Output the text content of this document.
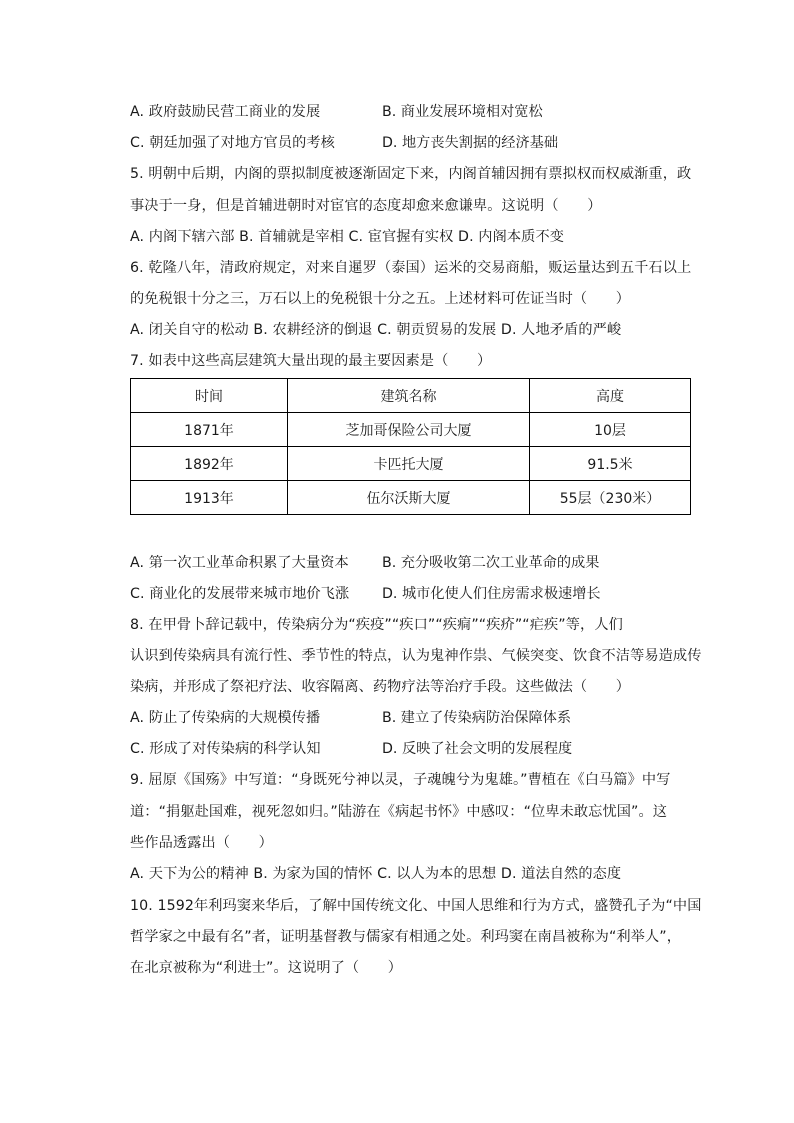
A. 政府鼓励民营工商业的发展	B. 商业发展环境相对宽松
C. 朝廷加强了对地方官员的考核	D. 地方丧失割据的经济基础
5. 明朝中后期，内阁的票拟制度被逐渐固定下来，内阁首辅因拥有票拟权而权威渐重，政
事决于一身，但是首辅进朝时对宦官的态度却愈来愈谦卑。这说明（　　）
A. 内阁下辖六部 B. 首辅就是宰相 C. 宦官握有实权 D. 内阁本质不变
6. 乾隆八年，清政府规定，对来自暹罗（泰国）运米的交易商船，贩运量达到五千石以上
的免税银十分之三，万石以上的免税银十分之五。上述材料可佐证当时（　　）
A. 闭关自守的松动 B. 农耕经济的倒退 C. 朝贡贸易的发展 D. 人地矛盾的严峻
7. 如表中这些高层建筑大量出现的最主要因素是（　　）
时间	建筑名称	高度
1871年	芝加哥保险公司大厦	10层
1892年	卡匹托大厦	91.5米
1913年	伍尔沃斯大厦	55层（230米）
A. 第一次工业革命积累了大量资本 B. 充分吸收第二次工业革命的成果
C. 商业化的发展带来城市地价飞涨 D. 城市化使人们住房需求极速增长
8. 在甲骨卜辞记载中，传染病分为“疾疫”“疾口”“疾痌”“疾疥”“疟疾”等，人们
认识到传染病具有流行性、季节性的特点，认为鬼神作祟、气候突变、饮食不洁等易造成传
染病，并形成了祭祀疗法、收容隔离、药物疗法等治疗手段。这些做法（　　）
A. 防止了传染病的大规模传播	B. 建立了传染病防治保障体系
C. 形成了对传染病的科学认知	D. 反映了社会文明的发展程度
9. 屈原《国殇》中写道：“身既死兮神以灵，子魂魄兮为鬼雄。”曹植在《白马篇》中写
道：“捐躯赴国难，视死忽如归。”陆游在《病起书怀》中感叹：“位卑未敢忘忧国”。这
些作品透露出（　　）
A. 天下为公的精神 B. 为家为国的情怀 C. 以人为本的思想 D. 道法自然的态度
10. 1592年利玛窦来华后，了解中国传统文化、中国人思维和行为方式，盛赞孔子为“中国
哲学家之中最有名”者，证明基督教与儒家有相通之处。利玛窦在南昌被称为“利举人”，
在北京被称为“利进士”。这说明了（　　）
